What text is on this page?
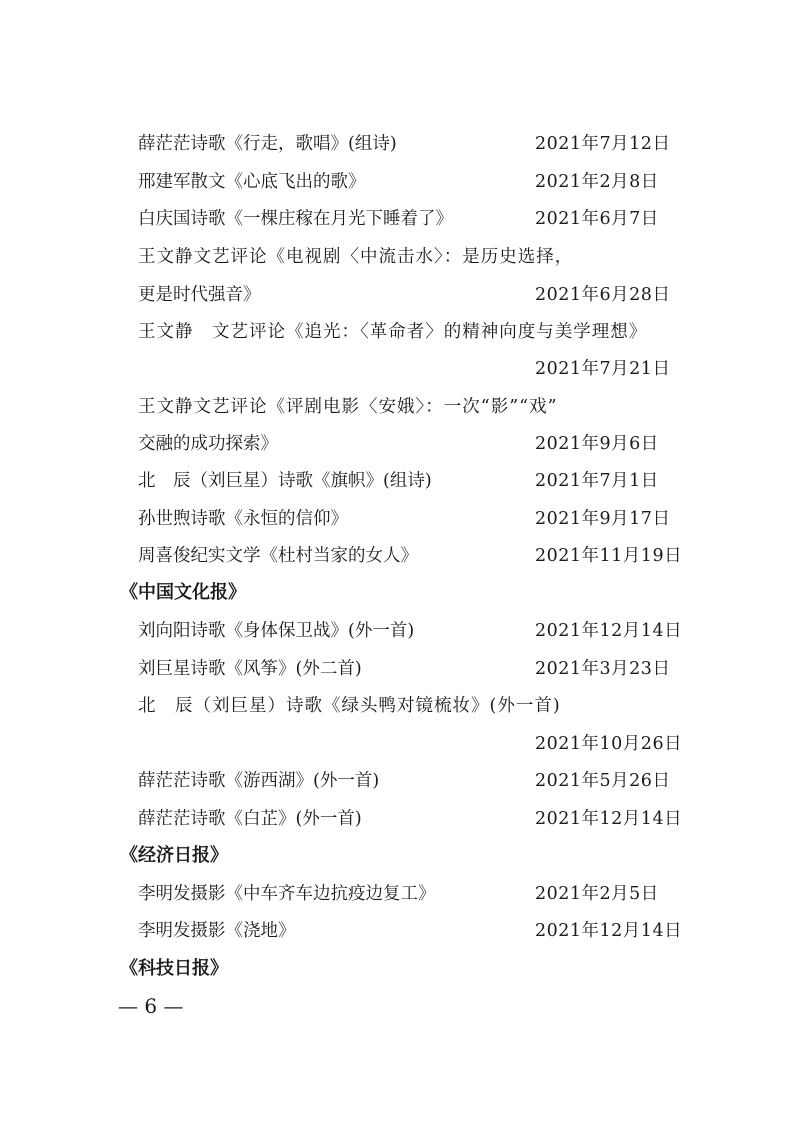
薛茫茫诗歌《行走，歌唱》(组诗)	2021年7月12日
邢建军散文《心底飞出的歌》	2021年2月8日
白庆国诗歌《一棵庄稼在月光下睡着了》	2021年6月7日
王文静文艺评论《电视剧〈中流击水〉：是历史选择，
更是时代强音》	2021年6月28日
王文静　文艺评论《追光：〈革命者〉的精神向度与美学理想》
2021年7月21日
王文静文艺评论《评剧电影〈安娥〉：一次“影”“戏”
交融的成功探索》	2021年9月6日
北　辰（刘巨星）诗歌《旗帜》(组诗)	2021年7月1日
孙世煦诗歌《永恒的信仰》	2021年9月17日
周喜俊纪实文学《杜村当家的女人》	2021年11月19日
《中国文化报》
刘向阳诗歌《身体保卫战》(外一首)	2021年12月14日
刘巨星诗歌《风筝》(外二首)	2021年3月23日
北　辰（刘巨星）诗歌《绿头鸭对镜梳妆》(外一首)
2021年10月26日
薛茫茫诗歌《游西湖》(外一首)	2021年5月26日
薛茫茫诗歌《白芷》(外一首)	2021年12月14日
《经济日报》
李明发摄影《中车齐车边抗疫边复工》	2021年2月5日
李明发摄影《浇地》	2021年12月14日
《科技日报》
— 6 —
